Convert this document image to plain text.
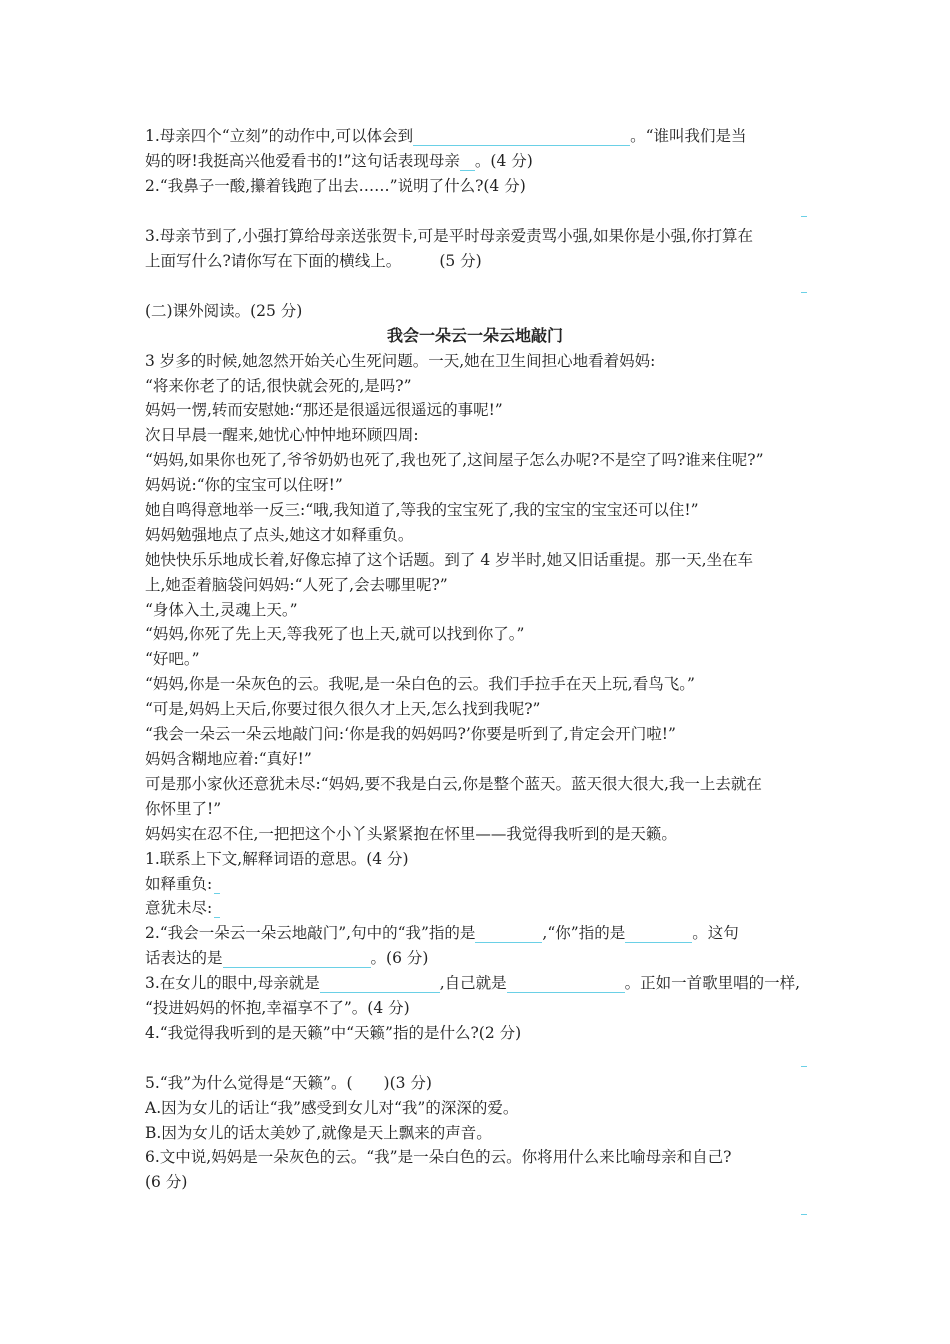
1.母亲四个“立刻”的动作中,可以体会到	。“谁叫我们是当
妈的呀!我挺高兴他爱看书的!”这句话表现母亲 。(4 分)
2.“我鼻子一酸,攥着钱跑了出去……”说明了什么?(4 分)
3.母亲节到了,小强打算给母亲送张贺卡,可是平时母亲爱责骂小强,如果你是小强,你打算在
上面写什么?请你写在下面的横线上。 (5 分)
(二)课外阅读。(25 分)
我会一朵云一朵云地敲门
3 岁多的时候,她忽然开始关心生死问题。一天,她在卫生间担心地看着妈妈:
“将来你老了的话,很快就会死的,是吗?”
妈妈一愣,转而安慰她:“那还是很遥远很遥远的事呢!”
次日早晨一醒来,她忧心忡忡地环顾四周:
“妈妈,如果你也死了,爷爷奶奶也死了,我也死了,这间屋子怎么办呢?不是空了吗?谁来住呢?”
妈妈说:“你的宝宝可以住呀!”
她自鸣得意地举一反三:“哦,我知道了,等我的宝宝死了,我的宝宝的宝宝还可以住!”
妈妈勉强地点了点头,她这才如释重负。
她快快乐乐地成长着,好像忘掉了这个话题。到了 4 岁半时,她又旧话重提。那一天,坐在车
上,她歪着脑袋问妈妈:“人死了,会去哪里呢?”
“身体入土,灵魂上天。”
“妈妈,你死了先上天,等我死了也上天,就可以找到你了。”
“好吧。”
“妈妈,你是一朵灰色的云。我呢,是一朵白色的云。我们手拉手在天上玩,看鸟飞。”
“可是,妈妈上天后,你要过很久很久才上天,怎么找到我呢?”
“我会一朵云一朵云地敲门问:‘你是我的妈妈吗?’你要是听到了,肯定会开门啦!”
妈妈含糊地应着:“真好!”
可是那小家伙还意犹未尽:“妈妈,要不我是白云,你是整个蓝天。蓝天很大很大,我一上去就在
你怀里了!”
妈妈实在忍不住,一把把这个小丫头紧紧抱在怀里——我觉得我听到的是天籁。
1.联系上下文,解释词语的意思。(4 分)
如释重负:
意犹未尽:
2.“我会一朵云一朵云地敲门”,句中的“我”指的是	,“你”指的是	。这句
话表达的是	。(6 分)
3.在女儿的眼中,母亲就是	,自己就是	。正如一首歌里唱的一样,
“投进妈妈的怀抱,幸福享不了”。(4 分)
4.“我觉得我听到的是天籁”中“天籁”指的是什么?(2 分)
5.“我”为什么觉得是“天籁”。(　　)(3 分)
A.因为女儿的话让“我”感受到女儿对“我”的深深的爱。
B.因为女儿的话太美妙了,就像是天上飘来的声音。
6.文中说,妈妈是一朵灰色的云。“我”是一朵白色的云。你将用什么来比喻母亲和自己?
(6 分)
